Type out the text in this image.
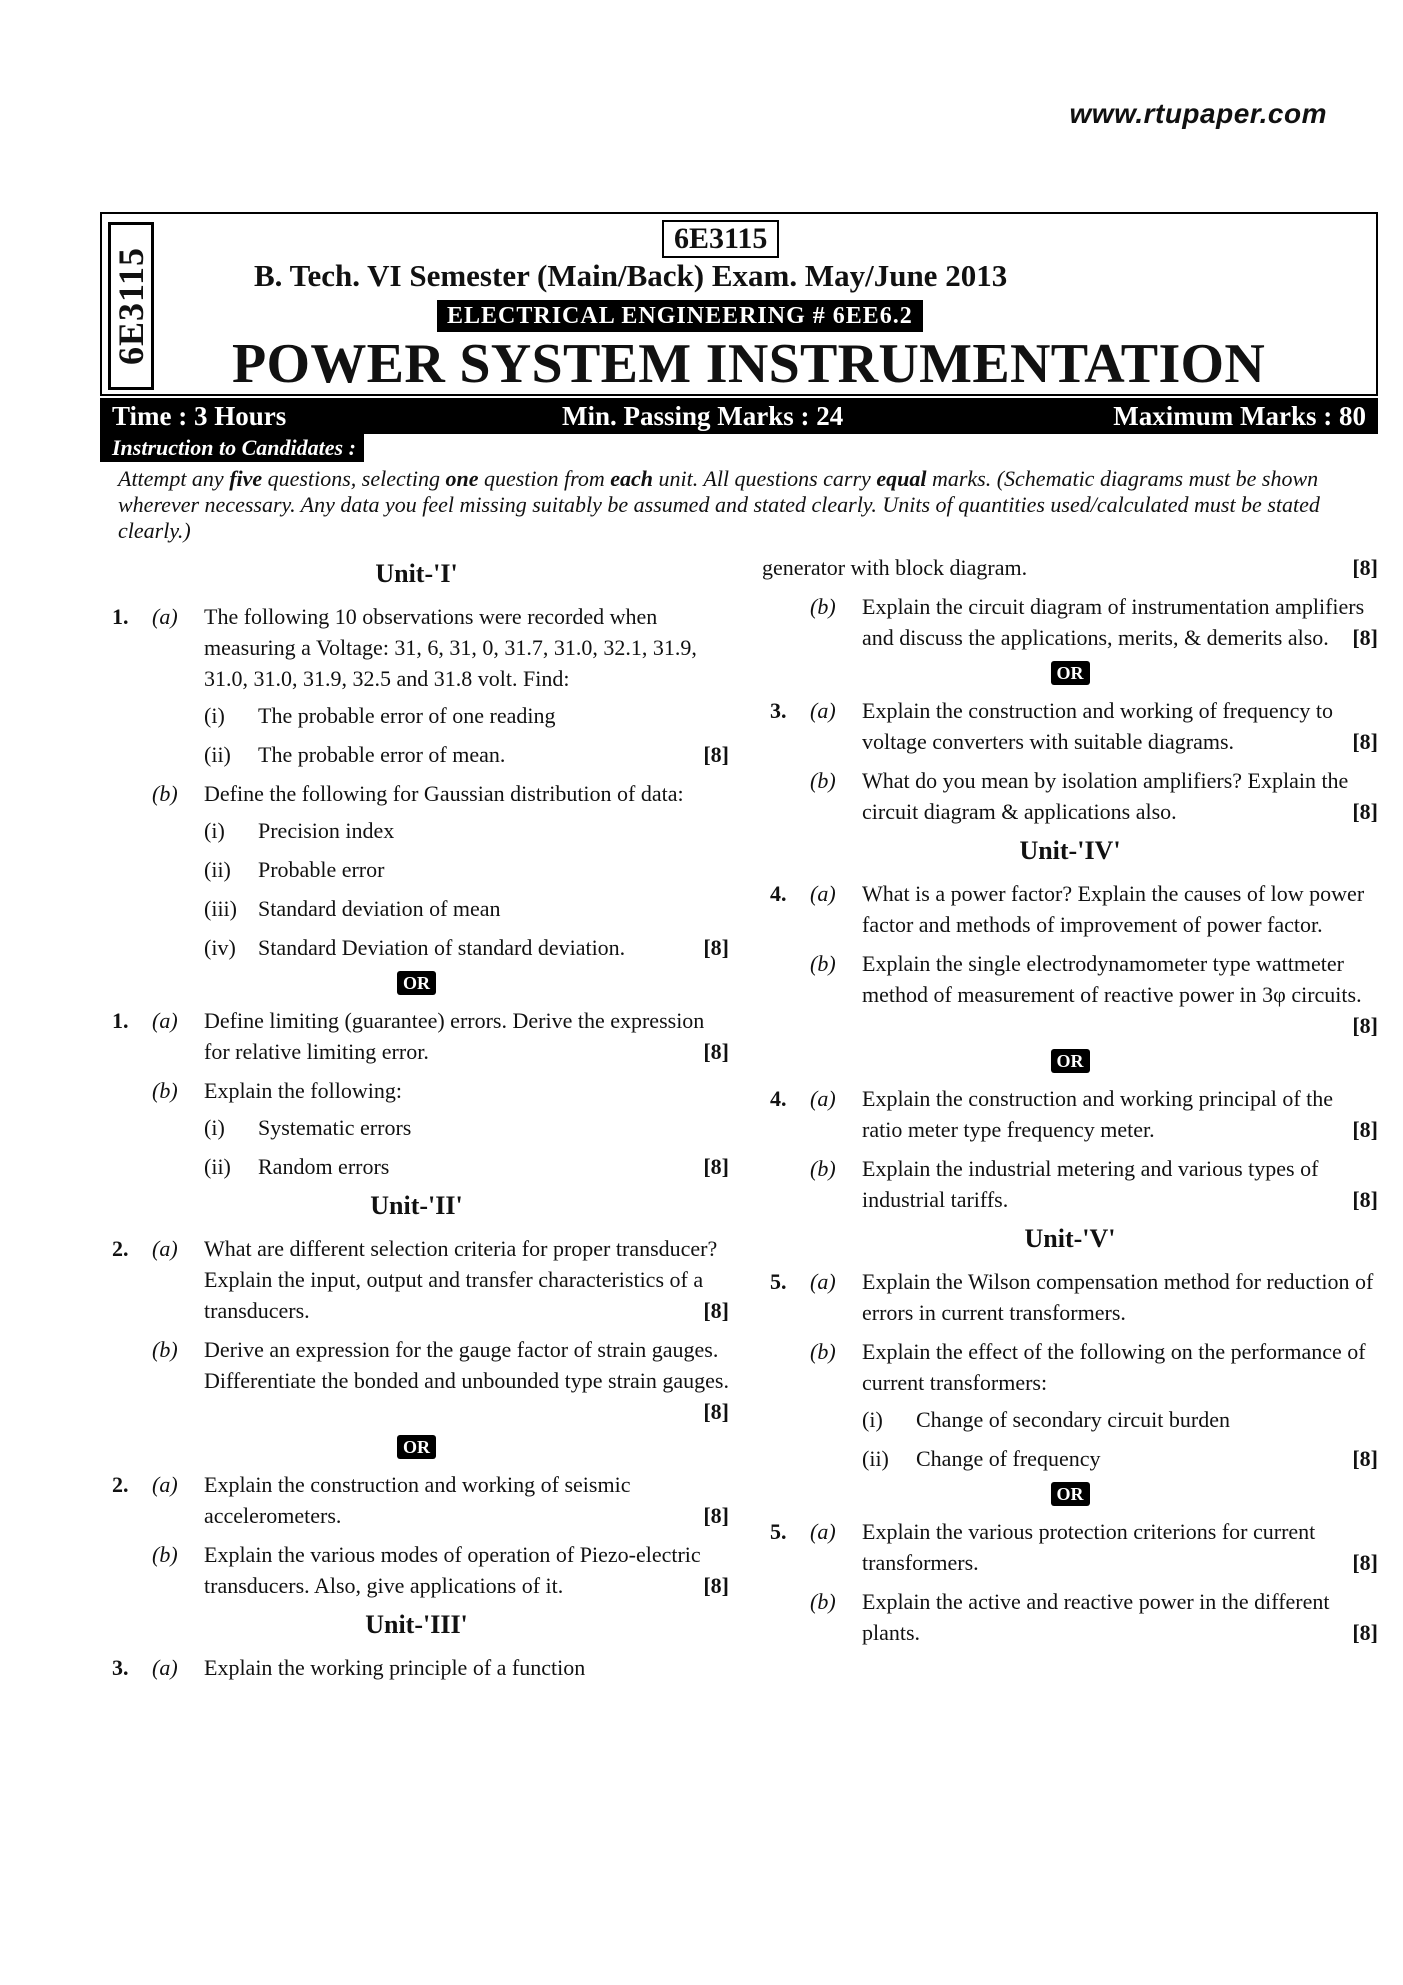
www.rtupaper.com
6E3115
6E3115
B. Tech. VI Semester (Main/Back) Exam. May/June 2013
ELECTRICAL ENGINEERING # 6EE6.2
POWER SYSTEM INSTRUMENTATION
Time : 3 Hours	Min. Passing Marks : 24	Maximum Marks : 80
Instruction to Candidates :
Attempt any five questions, selecting one question from each unit. All questions carry equal marks. (Schematic diagrams must be shown wherever necessary. Any data you feel missing suitably be assumed and stated clearly. Units of quantities used/calculated must be stated clearly.)
Unit-'I'
1. (a) The following 10 observations were recorded when measuring a Voltage: 31, 6, 31, 0, 31.7, 31.0, 32.1, 31.9, 31.0, 31.0, 31.9, 32.5 and 31.8 volt. Find:
(i) The probable error of one reading
(ii) The probable error of mean.	[8]
(b) Define the following for Gaussian distribution of data:
(i) Precision index
(ii) Probable error
(iii) Standard deviation of mean
(iv) Standard Deviation of standard deviation.	[8]
OR
1. (a) Define limiting (guarantee) errors. Derive the expression for relative limiting error.	[8]
(b) Explain the following:
(i) Systematic errors
(ii) Random errors	[8]
Unit-'II'
2. (a) What are different selection criteria for proper transducer? Explain the input, output and transfer characteristics of a transducers.	[8]
(b) Derive an expression for the gauge factor of strain gauges. Differentiate the bonded and unbounded type strain gauges.
[8]
OR
2. (a) Explain the construction and working of seismic accelerometers.	[8]
(b) Explain the various modes of operation of Piezo-electric transducers. Also, give applications of it.	[8]
Unit-'III'
3. (a) Explain the working principle of a function
generator with block diagram.	[8]
(b) Explain the circuit diagram of instrumentation amplifiers and discuss the applications, merits, & demerits also. [8]
OR
3. (a) Explain the construction and working of frequency to voltage converters with suitable diagrams.	[8]
(b) What do you mean by isolation amplifiers? Explain the circuit diagram & applications also.	[8]
Unit-'IV'
4. (a) What is a power factor? Explain the causes of low power factor and methods of improvement of power factor.
(b) Explain the single electrodynamometer type wattmeter method of measurement of reactive power in 3φ circuits.
[8]
OR
4. (a) Explain the construction and working principal of the ratio meter type frequency meter.	[8]
(b) Explain the industrial metering and various types of industrial tariffs.	[8]
Unit-'V'
5. (a) Explain the Wilson compensation method for reduction of errors in current transformers.
(b) Explain the effect of the following on the performance of current transformers:
(i) Change of secondary circuit burden
(ii) Change of frequency	[8]
OR
5. (a) Explain the various protection criterions for current transformers.	[8]
(b) Explain the active and reactive power in the different plants.	[8]
